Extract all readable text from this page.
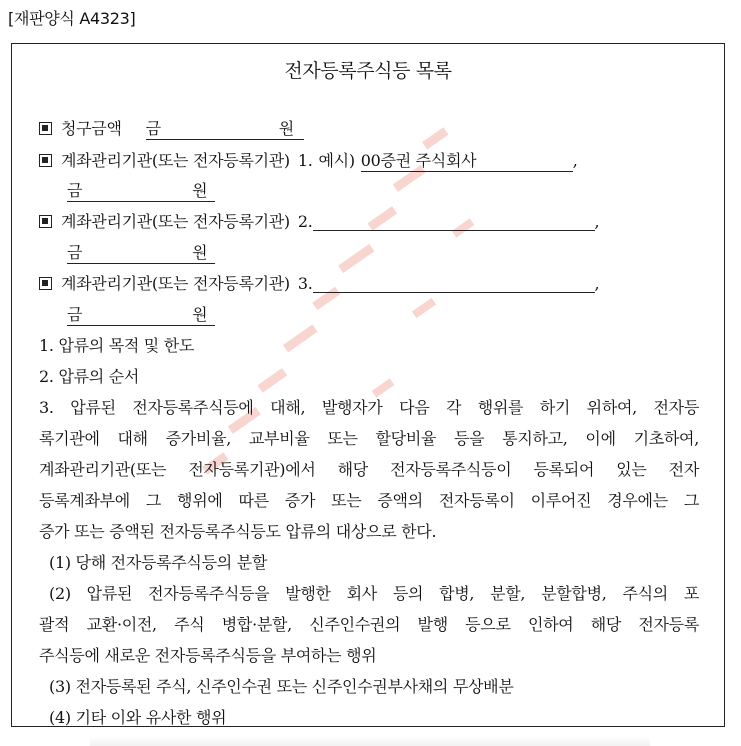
[재판양식 A4323]
전자등록주식등 목록
청구금액 금	원
계좌관리기관(또는 전자등록기관) 1. 예시) 00증권 주식회사	,
금	원
계좌관리기관(또는 전자등록기관) 2.	,
금	원
계좌관리기관(또는 전자등록기관) 3.	,
금	원
1. 압류의 목적 및 한도
2. 압류의 순서
3. 압류된 전자등록주식등에 대해, 발행자가 다음 각 행위를 하기 위하여, 전자등
록기관에 대해 증가비율, 교부비율 또는 할당비율 등을 통지하고, 이에 기초하여,
계좌관리기관(또는 전자등록기관)에서 해당 전자등록주식등이 등록되어 있는 전자
등록계좌부에 그 행위에 따른 증가 또는 증액의 전자등록이 이루어진 경우에는 그
증가 또는 증액된 전자등록주식등도 압류의 대상으로 한다.
(1) 당해 전자등록주식등의 분할
(2) 압류된 전자등록주식등을 발행한 회사 등의 합병, 분할, 분할합병, 주식의 포
괄적 교환·이전, 주식 병합·분할, 신주인수권의 발행 등으로 인하여 해당 전자등록
주식등에 새로운 전자등록주식등을 부여하는 행위
(3) 전자등록된 주식, 신주인수권 또는 신주인수권부사채의 무상배분
(4) 기타 이와 유사한 행위
